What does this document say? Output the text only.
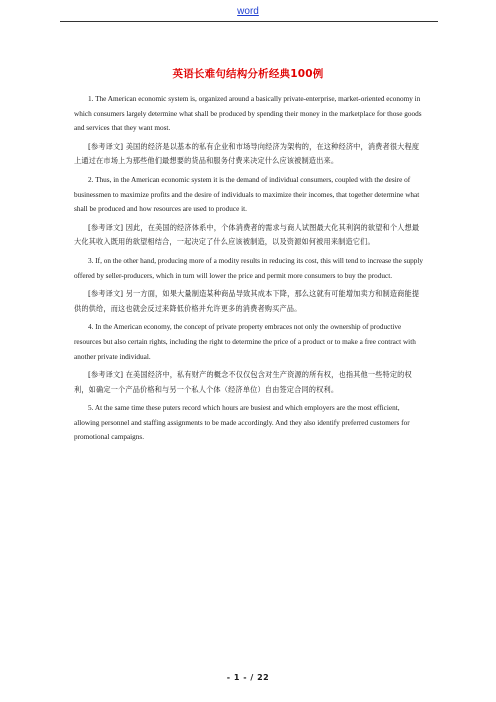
word
英语长难句结构分析经典100例

1. The American economic system is, organized around a basically private-enterprise, market-oriented economy in which consumers largely determine what shall be produced by spending their money in the marketplace for those goods and services that they want most.

[参考译文] 美国的经济是以基本的私有企业和市场导向经济为架构的，在这种经济中，消费者很大程度上通过在市场上为那些他们最想要的货品和服务付费来决定什么应该被制造出来。

2. Thus, in the American economic system it is the demand of individual consumers, coupled with the desire of businessmen to maximize profits and the desire of individuals to maximize their incomes, that together determine what shall be produced and how resources are used to produce it.

[参考译文] 因此，在美国的经济体系中，个体消费者的需求与商人试图最大化其利润的欲望和个人想最大化其收入既用的欲望相结合，一起决定了什么应该被制造，以及资源如何被用来制造它们。

3. If, on the other hand, producing more of a modity results in reducing its cost, this will tend to increase the supply offered by seller-producers, which in turn will lower the price and permit more consumers to buy the product.

[参考译文] 另一方面，如果大量制造某种商品导致其成本下降，那么这就有可能增加卖方和制造商能提供的供给，而这也就会反过来降低价格并允许更多的消费者购买产品。

4. In the American economy, the concept of private property embraces not only the ownership of productive resources but also certain rights, including the right to determine the price of a product or to make a free contract with another private individual.

[参考译文] 在美国经济中，私有财产的概念不仅仅包含对生产资源的所有权，也指其他一些特定的权利，如确定一个产品价格和与另一个私人个体（经济单位）自由签定合同的权利。

5. At the same time these puters record which hours are busiest and which employers are the most efficient, allowing personnel and staffing assignments to be made accordingly. And they also identify preferred customers for promotional campaigns.

- 1 - / 22
